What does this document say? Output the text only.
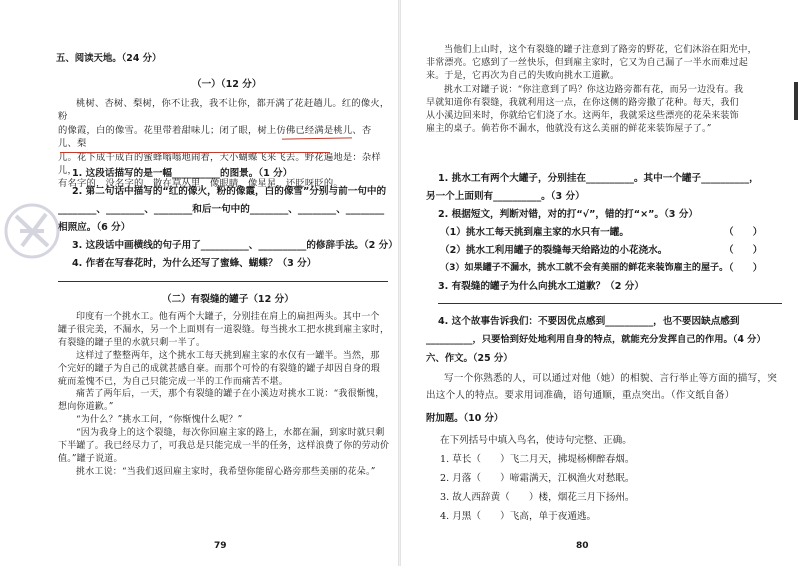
五、阅读天地。（24 分）
（一）（12 分）
桃树、杏树、梨树，你不让我，我不让你，都开满了花赶趟儿。红的像火，粉
的像霞，白的像雪。花里带着甜味儿；闭了眼，树上仿佛已经满是桃儿、杏儿、梨
儿。花下成千成百的蜜蜂嗡嗡地闹着，大小蝴蝶飞来飞去。野花遍地是：杂样儿，
有名字的，没名字的，散在草丛里，像眼睛，像星星，还眨呀眨的。
1. 这段话描写的是一幅__________的图景。（1 分）
2. 第二句话中描写的“红的像火，粉的像霞，白的像雪”分别与前一句中的
________、________、________和后一句中的________、________、________
相照应。（6 分）
3. 这段话中画横线的句子用了__________、__________的修辞手法。（2 分）
4. 作者在写春花时，为什么还写了蜜蜂、蝴蝶？（3 分）
（二）有裂缝的罐子（12 分）
印度有一个挑水工。他有两个大罐子，分别挂在肩上的扁担两头。其中一个
罐子很完美，不漏水，另一个上面则有一道裂缝。每当挑水工把水挑到雇主家时，
有裂缝的罐子里的水就只剩一半了。
这样过了整整两年，这个挑水工每天挑到雇主家的水仅有一罐半。当然，那
个完好的罐子为自己的成就甚感自豪。而那个可怜的有裂缝的罐子却因自身的瑕
疵而羞愧不已，为自己只能完成一半的工作而痛苦不堪。
痛苦了两年后，一天，那个有裂缝的罐子在小溪边对挑水工说：“我很惭愧，
想向你道歉。”
“为什么？”挑水工问，“你惭愧什么呢？”
“因为我身上的这个裂缝，每次你回雇主家的路上，水都在漏，到家时就只剩
下半罐了。我已经尽力了，可我总是只能完成一半的任务，这样浪费了你的劳动价值。”罐子说道。
挑水工说：“当我们返回雇主家时，我希望你能留心路旁那些美丽的花朵。”
79
当他们上山时，这个有裂缝的罐子注意到了路旁的野花，它们沐浴在阳光中，
非常漂亮。它感到了一丝快乐，但到雇主家时，它又为自己漏了一半水而难过起
来。于是，它再次为自己的失败向挑水工道歉。
挑水工对罐子说：“你注意到了吗？你这边路旁都有花，而另一边没有。我
早就知道你有裂缝，我就利用这一点，在你这侧的路旁撒了花种。每天，我们
从小溪边回来时，你就给它们浇了水。这两年，我就采这些漂亮的花朵来装饰
雇主的桌子。倘若你不漏水，他就没有这么美丽的鲜花来装饰屋子了。”
1. 挑水工有两个大罐子，分别挂在__________。其中一个罐子__________，
另一个上面则有__________。（3 分）
2. 根据短文，判断对错，对的打“√”，错的打“×”。（3 分）
（1）挑水工每天挑到雇主家的水只有一罐。	（　　）
（2）挑水工利用罐子的裂缝每天给路边的小花浇水。	（　　）
（3）如果罐子不漏水，挑水工就不会有美丽的鲜花来装饰雇主的屋子。
（　　）
3. 有裂缝的罐子为什么向挑水工道歉？（2 分）
4. 这个故事告诉我们：不要因优点感到__________，也不要因缺点感到
__________，只要恰到好处地利用自身的特点，就能充分发挥自己的作用。（4 分）
六、作文。（25 分）
写一个你熟悉的人，可以通过对他（她）的相貌、言行举止等方面的描写，突
出这个人的特点。要求用词准确，语句通顺，重点突出。（作文纸自备）
附加题。（10 分）
在下列括号中填入鸟名，使诗句完整、正确。
1. 草长（　　）飞二月天，拂堤杨柳醉春烟。
2. 月落（　　）啼霜满天，江枫渔火对愁眠。
3. 故人西辞黄（　　）楼，烟花三月下扬州。
4. 月黑（　　）飞高，单于夜遁逃。
80
